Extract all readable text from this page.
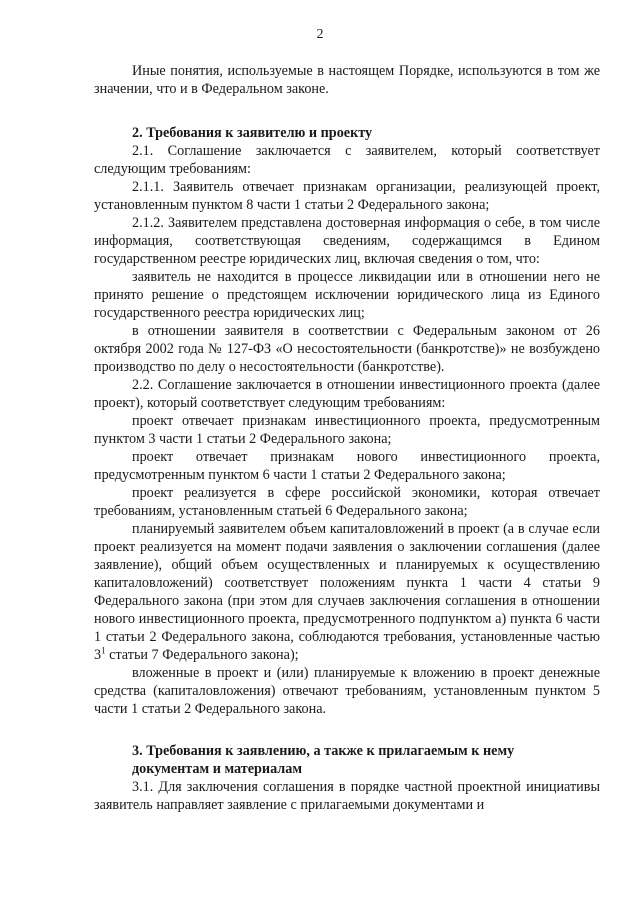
2

Иные понятия, используемые в настоящем Порядке, используются в том же значении, что и в Федеральном законе.

2. Требования к заявителю и проекту

2.1. Соглашение заключается с заявителем, который соответствует следующим требованиям:

2.1.1. Заявитель отвечает признакам организации, реализующей проект, установленным пунктом 8 части 1 статьи 2 Федерального закона;

2.1.2. Заявителем представлена достоверная информация о себе, в том числе информация, соответствующая сведениям, содержащимся в Едином государственном реестре юридических лиц, включая сведения о том, что:

заявитель не находится в процессе ликвидации или в отношении него не принято решение о предстоящем исключении юридического лица из Единого государственного реестра юридических лиц;

в отношении заявителя в соответствии с Федеральным законом от 26 октября 2002 года № 127-ФЗ «О несостоятельности (банкротстве)» не возбуждено производство по делу о несостоятельности (банкротстве).

2.2. Соглашение заключается в отношении инвестиционного проекта (далее проект), который соответствует следующим требованиям:

проект отвечает признакам инвестиционного проекта, предусмотренным пунктом 3 части 1 статьи 2 Федерального закона;

проект отвечает признакам нового инвестиционного проекта, предусмотренным пунктом 6 части 1 статьи 2 Федерального закона;

проект реализуется в сфере российской экономики, которая отвечает требованиям, установленным статьей 6 Федерального закона;

планируемый заявителем объем капиталовложений в проект (а в случае если проект реализуется на момент подачи заявления о заключении соглашения (далее заявление), общий объем осуществленных и планируемых к осуществлению капиталовложений) соответствует положениям пункта 1 части 4 статьи 9 Федерального закона (при этом для случаев заключения соглашения в отношении нового инвестиционного проекта, предусмотренного подпунктом а) пункта 6 части 1 статьи 2 Федерального закона, соблюдаются требования, установленные частью $3^1$ статьи 7 Федерального закона);

вложенные в проект и (или) планируемые к вложению в проект денежные средства (капиталовложения) отвечают требованиям, установленным пунктом 5 части 1 статьи 2 Федерального закона.

3. Требования к заявлению, а также к прилагаемым к нему
документам и материалам

3.1. Для заключения соглашения в порядке частной проектной инициативы заявитель направляет заявление с прилагаемыми документами и
